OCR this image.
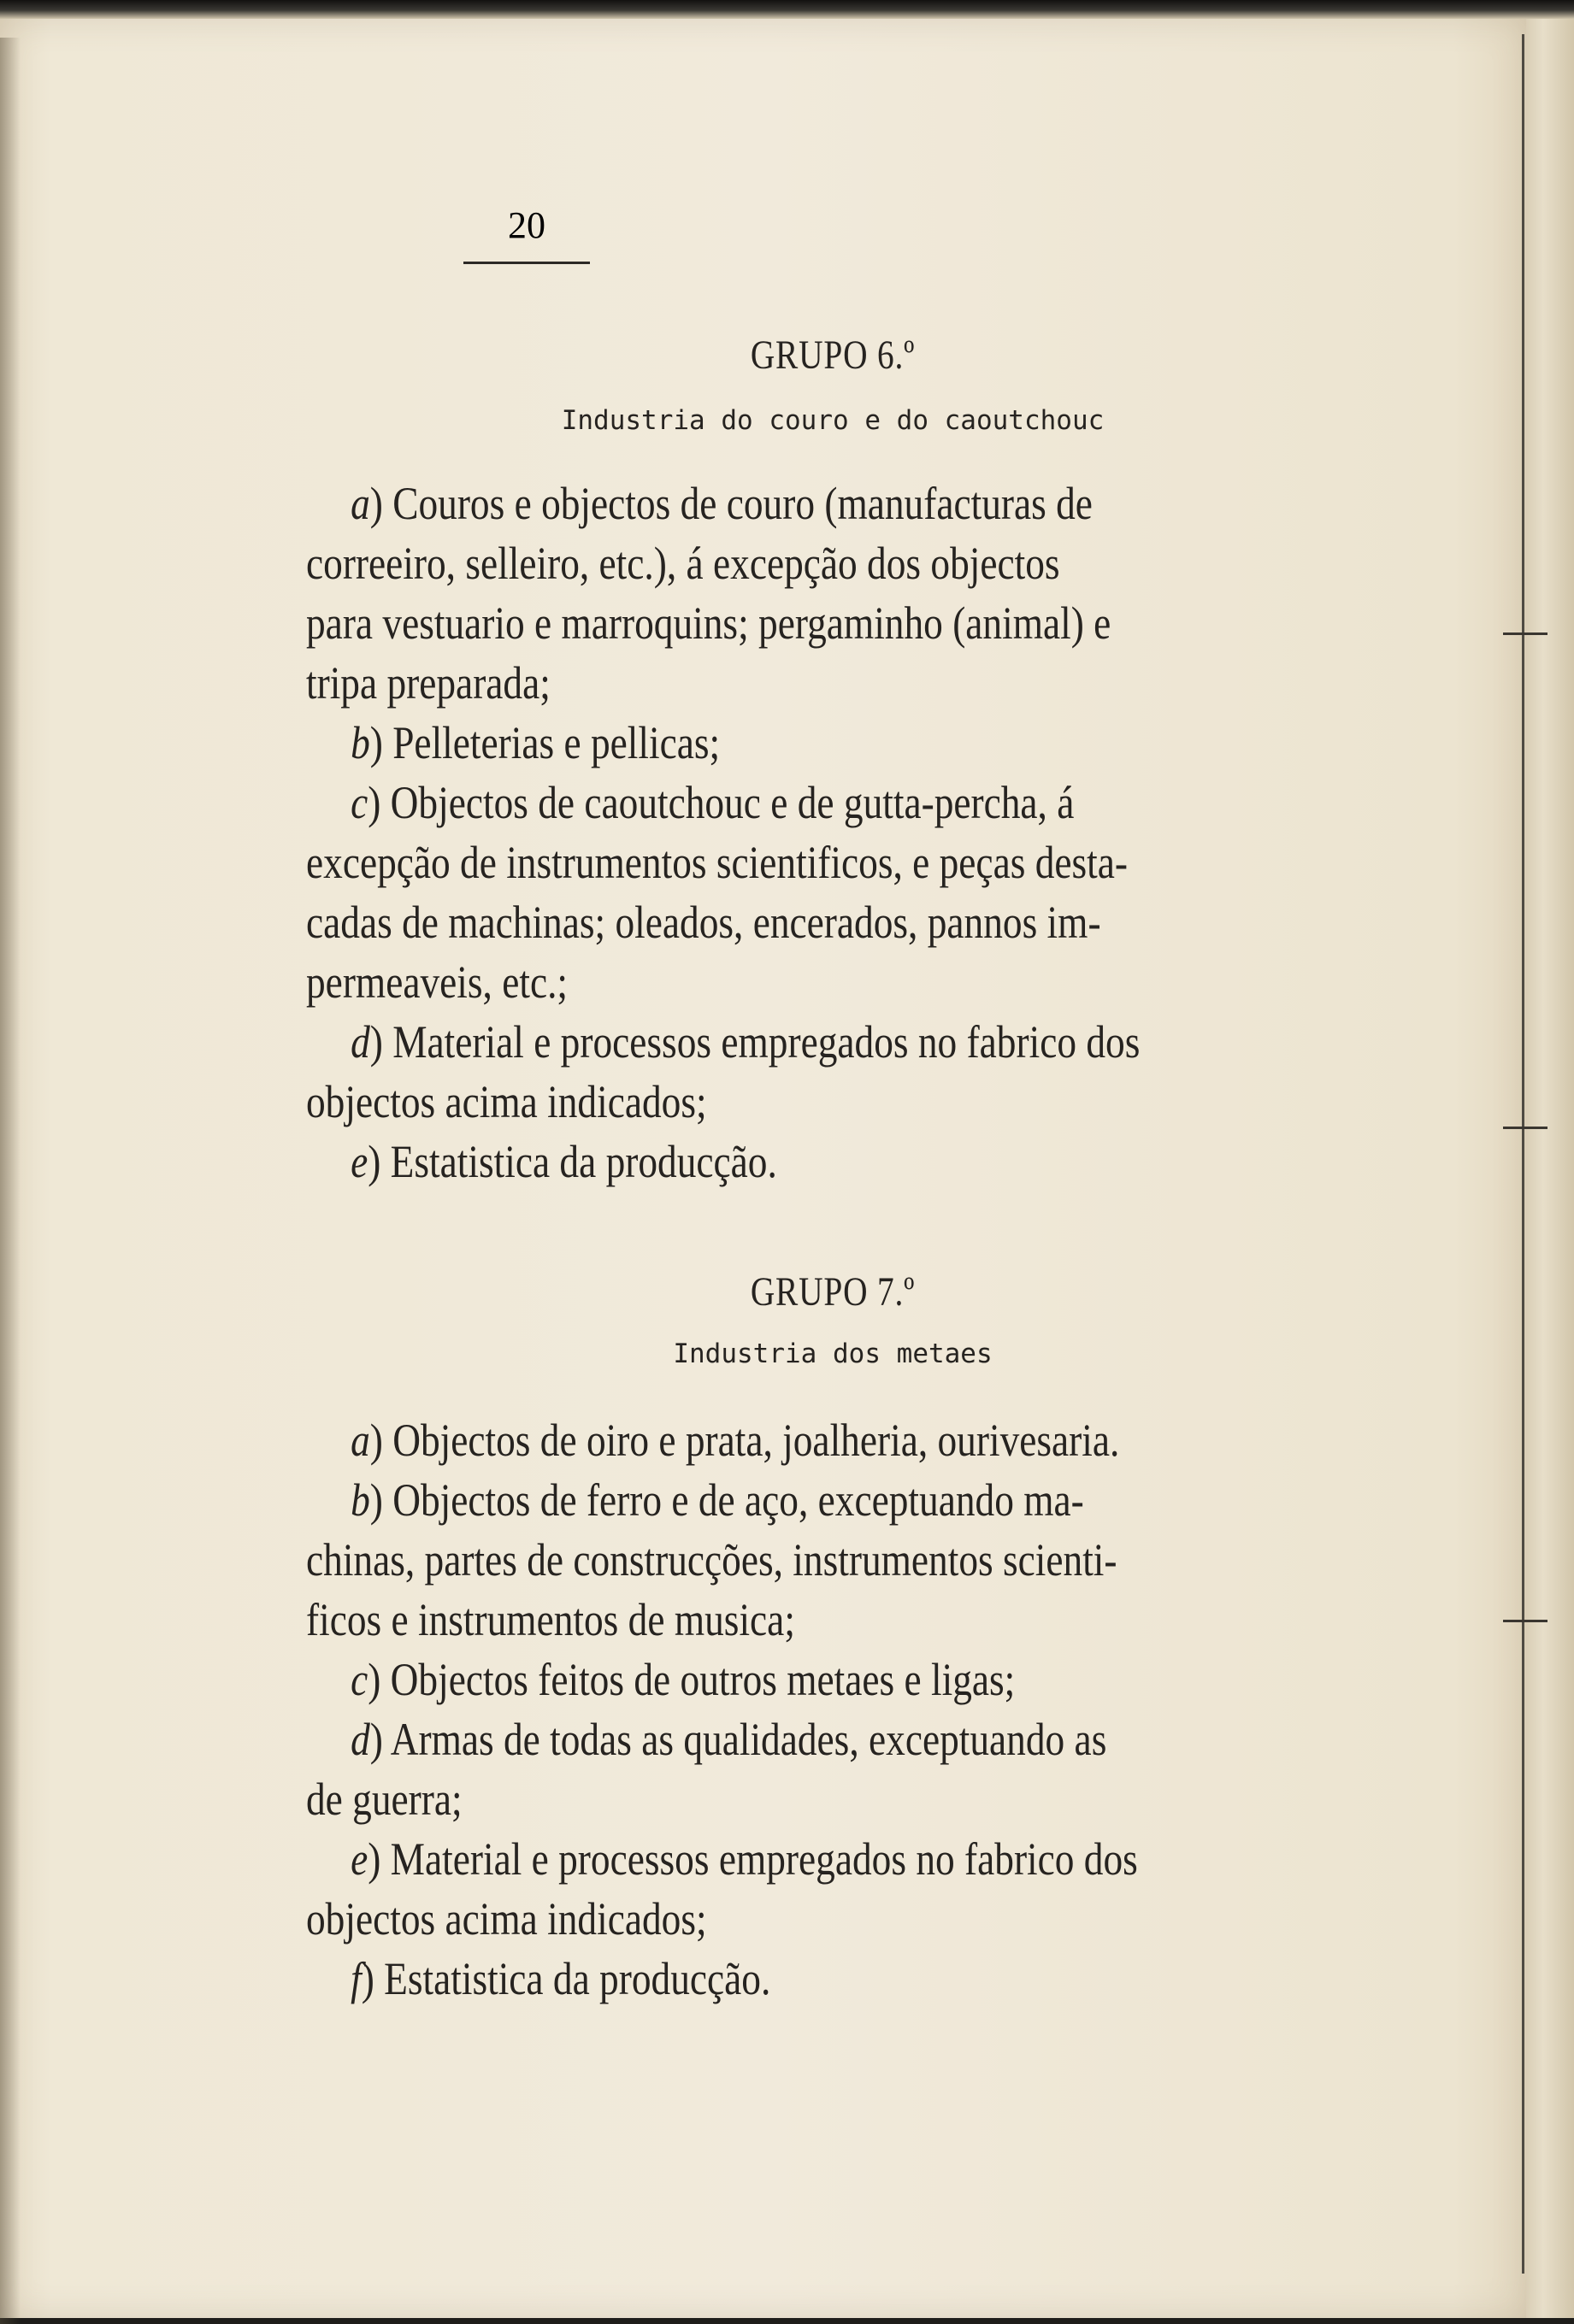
20
GRUPO 6.º
Industria do couro e do caoutchouc
a) Couros e objectos de couro (manufacturas de
correeiro, selleiro, etc.), á excepção dos objectos
para vestuario e marroquins; pergaminho (animal) e
tripa preparada;
b) Pelleterias e pellicas;
c) Objectos de caoutchouc e de gutta-percha, á
excepção de instrumentos scientificos, e peças desta-
cadas de machinas; oleados, encerados, pannos im-
permeaveis, etc.;
d) Material e processos empregados no fabrico dos
objectos acima indicados;
e) Estatistica da producção.
GRUPO 7.º
Industria dos metaes
a) Objectos de oiro e prata, joalheria, ourivesaria.
b) Objectos de ferro e de aço, exceptuando ma-
chinas, partes de construcções, instrumentos scienti-
ficos e instrumentos de musica;
c) Objectos feitos de outros metaes e ligas;
d) Armas de todas as qualidades, exceptuando as
de guerra;
e) Material e processos empregados no fabrico dos
objectos acima indicados;
f) Estatistica da producção.
